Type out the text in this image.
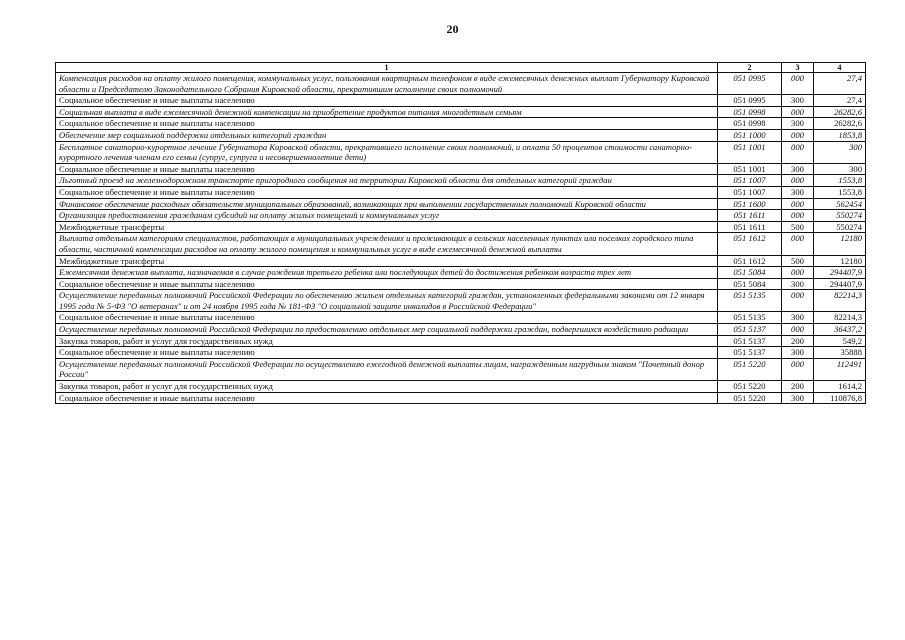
20
1	2	3	4
Компенсация расходов на оплату жилого помещения, коммунальных услуг, пользования квартирным телефоном в виде ежемесячных денежных выплат Губернатору Кировской области и Председателю Законодательного Собрания Кировской области, прекратившим исполнение своих полномочий	051 0995	000	27,4
Социальное обеспечение и иные выплаты населению	051 0995	300	27,4
Социальная выплата в виде ежемесячной денежной компенсации на приобретение продуктов питания многодетным семьям	051 0998	000	26282,6
Социальное обеспечение и иные выплаты населению	051 0998	300	26282,6
Обеспечение мер социальной поддержки отдельных категорий граждан	051 1000	000	1853,8
Бесплатное санаторно-курортное лечение Губернатора Кировской области, прекратившего исполнение своих полномочий, и оплата 50 процентов стоимости санаторно-курортного лечения членам его семьи (супруг, супруга и несовершеннолетние дети)	051 1001	000	300
Социальное обеспечение и иные выплаты населению	051 1001	300	300
Льготный проезд на железнодорожном транспорте пригородного сообщения на территории Кировской области для отдельных категорий граждан	051 1007	000	1553,8
Социальное обеспечение и иные выплаты населению	051 1007	300	1553,8
Финансовое обеспечение расходных обязательств муниципальных образований, возникающих при выполнении государственных полномочий Кировской области	051 1600	000	562454
Организация предоставления гражданам субсидий на оплату жилых помещений и коммунальных услуг	051 1611	000	550274
Межбюджетные трансферты	051 1611	500	550274
Выплата отдельным категориям специалистов, работающих в муниципальных учреждениях и проживающих в сельских населенных пунктах или поселках городского типа области, частичной компенсации расходов на оплату жилого помещения и коммунальных услуг в виде ежемесячной денежной выплаты	051 1612	000	12180
Межбюджетные трансферты	051 1612	500	12180
Ежемесячная денежная выплата, назначаемая в случае рождения третьего ребенка или последующих детей до достижения ребенком возраста трех лет	051 5084	000	294407,9
Социальное обеспечение и иные выплаты населению	051 5084	300	294407,9
Осуществление переданных полномочий Российской Федерации по обеспечению жильем отдельных категорий граждан, установленных федеральными законами от 12 января 1995 года № 5-ФЗ "О ветеранах" и от 24 ноября 1995 года № 181-ФЗ "О социальной защите инвалидов в Российской Федерации"	051 5135	000	82214,3
Социальное обеспечение и иные выплаты населению	051 5135	300	82214,3
Осуществление переданных полномочий Российской Федерации по предоставлению отдельных мер социальной поддержки граждан, подвергшихся воздействию радиации	051 5137	000	36437,2
Закупка товаров, работ и услуг для государственных нужд	051 5137	200	549,2
Социальное обеспечение и иные выплаты населению	051 5137	300	35888
Осуществление переданных полномочий Российской Федерации по осуществлению ежегодной денежной выплаты лицам, награжденным нагрудным знаком "Почетный донор России"	051 5220	000	112491
Закупка товаров, работ и услуг для государственных нужд	051 5220	200	1614,2
Социальное обеспечение и иные выплаты населению	051 5220	300	110876,8
